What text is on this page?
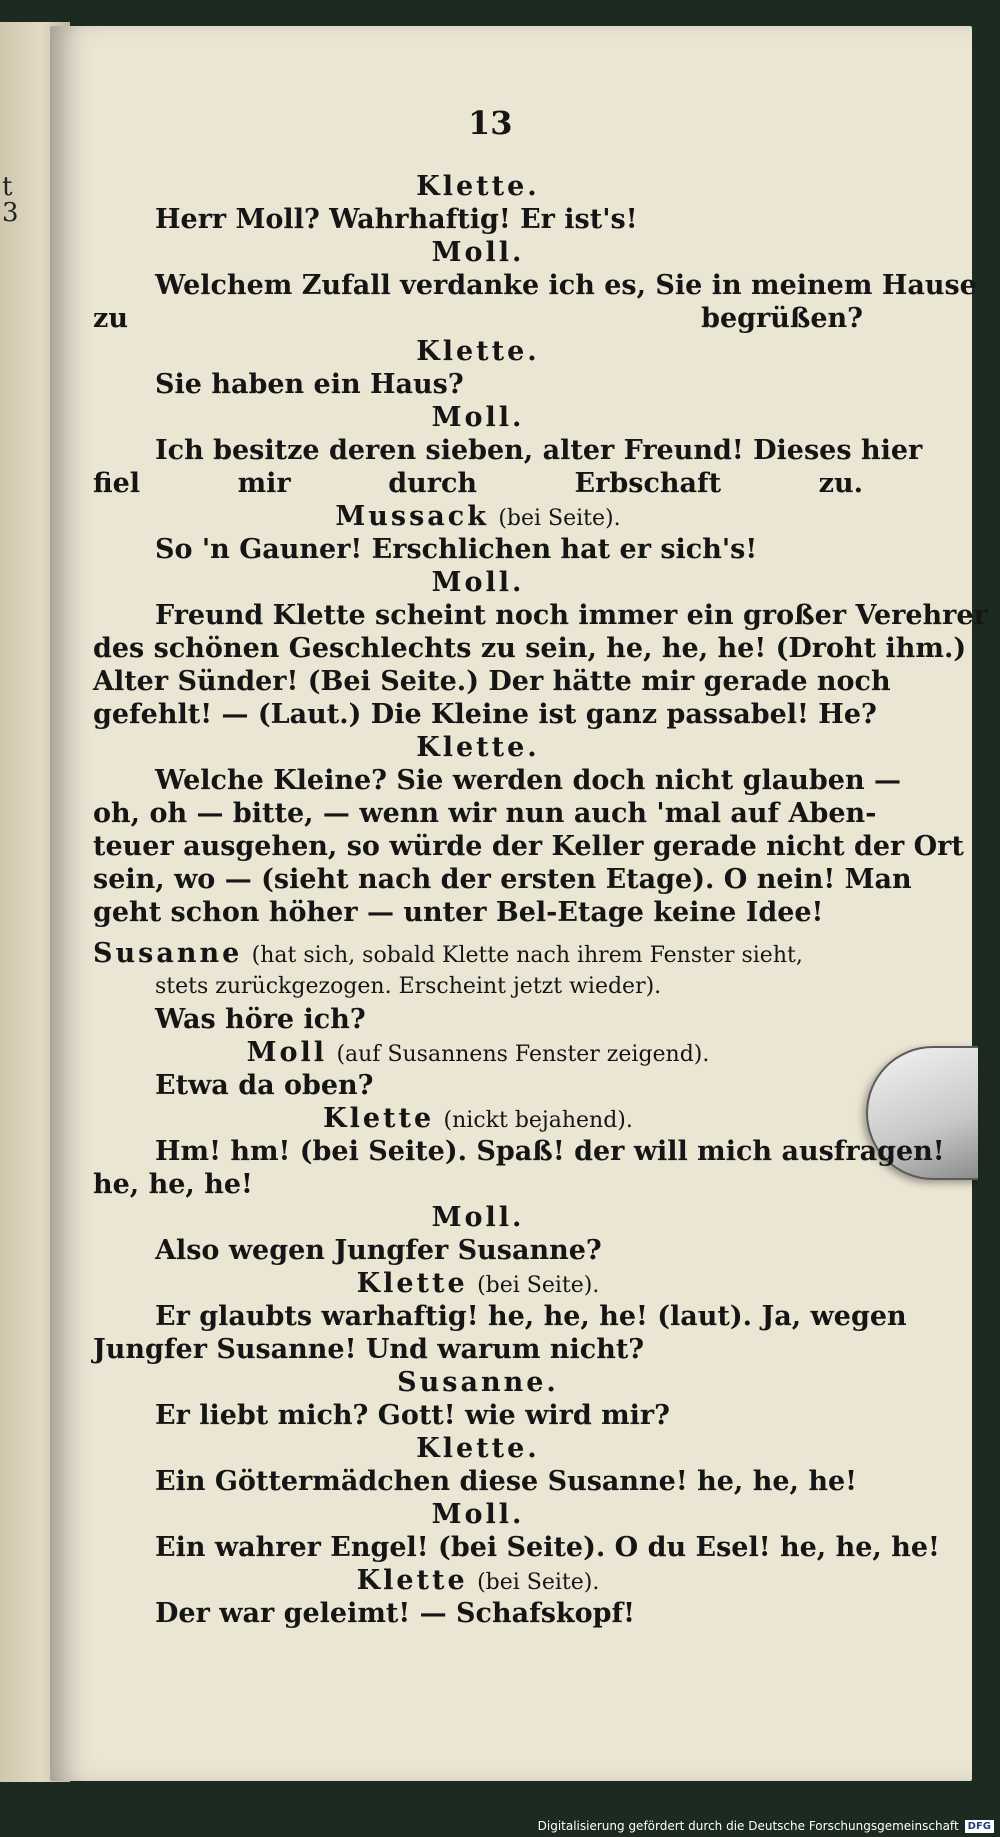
t
3
13
Klette.
Herr Moll? Wahrhaftig! Er ist's!
Moll.
Welchem Zufall verdanke ich es, Sie in meinem Hause
zu begrüßen?
Klette.
Sie haben ein Haus?
Moll.
Ich besitze deren sieben, alter Freund! Dieses hier
fiel mir durch Erbschaft zu.
Mussack (bei Seite).
So 'n Gauner! Erschlichen hat er sich's!
Moll.
Freund Klette scheint noch immer ein großer Verehrer
des schönen Geschlechts zu sein, he, he, he! (Droht ihm.)
Alter Sünder! (Bei Seite.) Der hätte mir gerade noch
gefehlt! — (Laut.) Die Kleine ist ganz passabel! He?
Klette.
Welche Kleine? Sie werden doch nicht glauben —
oh, oh — bitte, — wenn wir nun auch 'mal auf Aben-
teuer ausgehen, so würde der Keller gerade nicht der Ort
sein, wo — (sieht nach der ersten Etage). O nein! Man
geht schon höher — unter Bel-Etage keine Idee!
Susanne (hat sich, sobald Klette nach ihrem Fenster sieht,
stets zurückgezogen. Erscheint jetzt wieder).
Was höre ich?
Moll (auf Susannens Fenster zeigend).
Etwa da oben?
Klette (nickt bejahend).
Hm! hm! (bei Seite). Spaß! der will mich ausfragen!
he, he, he!
Moll.
Also wegen Jungfer Susanne?
Klette (bei Seite).
Er glaubts warhaftig! he, he, he! (laut). Ja, wegen
Jungfer Susanne! Und warum nicht?
Susanne.
Er liebt mich? Gott! wie wird mir?
Klette.
Ein Göttermädchen diese Susanne! he, he, he!
Moll.
Ein wahrer Engel! (bei Seite). O du Esel! he, he, he!
Klette (bei Seite).
Der war geleimt! — Schafskopf!
Digitalisierung gefördert durch die Deutsche Forschungsgemeinschaft DFG
